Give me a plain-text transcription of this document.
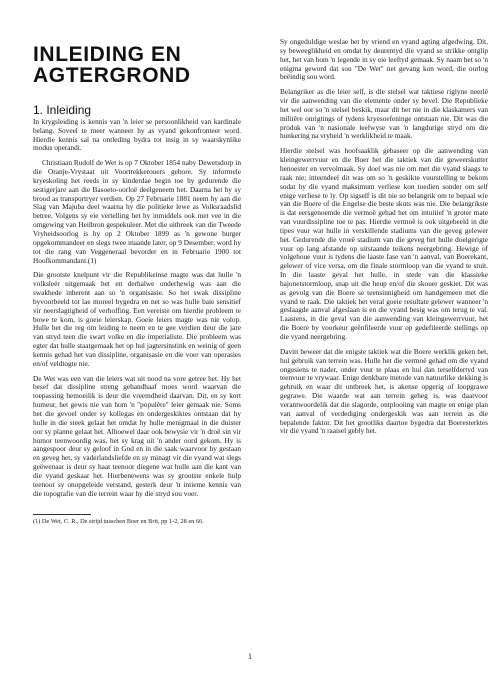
INLEIDING EN
AGTERGROND
1. Inleiding

In krygsleiding is kennis van 'n leier se persoonlikheid van kardinale belang. Soveel te meer wanneer hy as vyand gekonfronteer word. Hierdie kennis sal na ontleding bydra tot insig in sy waarskynlike modus operandi.

Christiaan Rudolf de Wet is op 7 Oktober 1854 naby Dewetsdorp in die Oranje-Vrystaat uit Voortrekkerouers gebore. Sy informele kryeskoling het reeds in sy kinderdae begin toe hy gedurende die sestigerjare aan die Basoeto-oorloë deelgeneem het. Daarna het hy sy brood as transportryer verdien. Op 27 Februarie 1881 neem hy aan die Slag van Majuba deel waarna hy die politieke lewe as Volksraadslid betree. Volgens sy eie vertelling het hy inmiddels ook met vee in die omgewing van Heilbron gespekuleer. Met die uitbreek van die Tweede Vryheidsoorlog is hy op 2 Oktober 1899 as 'n gewone burger opgekommandeer en slegs twee maande later, op 9 Desember, word hy tot die rang van Veggeneraal bevorder en in Februarie 1900 tot Hoofkommandant.(1)

Die grootste knelpunt vir die Republikeinse magte was dat hulle 'n volksleër uitgemaak het en derhalwe onderhewig was aan die swakhede inherent aan so 'n organisasie. So het swak dissipline byvoorbeeld tot lae moreel bygedra en net so was hulle baie sensitief vir neerslagtigheid of verhoffing. Een vereiste om hierdie probleem te bowe te kom, is goeie leierskap. Goeie leiers magte was nie volop. Hulle het die reg om leiding te neem en te gee verdien deur die jare van stryd teen die swart volke en die imperialiste. Die probleem was egter dat hulle staatgemaak het op hul jagtersinstink en weinig of geen kennis gehad het van dissipline, organisasie en die voer van operasies en/of veldtogte nie.

De Wet was een van die leiers wat uit nood na vore getree het. Hy het besef dat dissipline streng gehandhaaf moes word waarvan die toepassing hemoeilik is deur die vreemdheid daarvan. Dit, en sy kort humeur, het gewis nie van hom 'n "populêre" leier gemaak nie. Soms het die gevoel onder sy kollegas en ondergeskiktes ontstaan dat hy hulle in die steek gelaat het omdat hy hulle menigmaal in die duister oor sy planne gelaat het. Alhoewel daar ook bewysie vir 'n droë sin vir humor teenwoordig was, het sy krag uit 'n ander oord gekom. Hy is aangespoor deur sy geloof in God en in die saak waarvoor hy gestaan en geveg het, sy vaderlandsliefde en sy minagt vir die vyand wat slegs geëwenaar is deur sy haat teenoor diegene wat hulle aan die kant van die vyand geskaar het. Hierbenewens was sy grootste enkele hulp teenoor sy onopgeleide verstand, gesterk deur 'n intieme kennis van die topografie van die terrein waar hy die stryd sou voer.

(1) De Wet, C. R., De strijd tusschen Boer en Brit, pp 1-2, 28 en 66.

Sy ongeduldige weslae het by vriend en vyand agting afgedwing. Dit, sy beweeglikheid en omdat hy deurentyd die vyand se strikke ontglip het, het van hom 'n legende in sy eie leeftyd gemaak. Sy naam het so 'n enigma geword dat sou "De Wet" net gevang kon word, die oorlog beëindig sou word.

Belangriker as die leier self, is die stelsel wat taktiese riglyne neerlê vir die aanwending van die elemente onder sy bevel. Die Republieke het wel oor so 'n stelsel beskik, maar dit het nie in die klaskamers van militêre onrigtings of tydens kryesoefeninge ontstaan nie. Dit was die produk van 'n nasionale leefwyse van 'n langdurige stryd om die hunkering na vryheid 'n werklikheid te maak.

Hierdie stelsel was hoofsaaklik gebaseer op die aanwending van kleingewerrvuur en die Boer het die taktiek van die geweerskutter benoester en vervolmaak. Sy doel was nie om met die vyand slaags te raak nie; inteendeel dit was om so 'n geskikte vuurstelling te bekom sodat hy die vyand maksimum verliese kon toedien sonder om self enige verliese te ly. Op sigself is dit nie so belangrik om te bepaal wie van die Boere of die Engelse die beste skuts was nie. Die belangrikste is dat eersgenoemde die vermoë gehad het om intuitief 'n groter mate van vuurdissipline toe te pas. Hierdie vermoë is ook uitgebeeld in die tipes vuur wat hulle in verskillende stadiums van die geveg gelewer het. Gedurende die vroeë stadium van die geveg het hulle doelgerigte vuur op lang afstande op uitstaande teikens neergebring. Hewige of volgehoue vuur is tydens die laaste fase van 'n aanval, van Boerekant, gelewer of vice versa, om die finale stormloop van die vyand te stuit. In die laaste geval het hulle, in stede van die klassieke bajonetstormloop, snap uit die heup en/of die skouer geskiet. Dit was as gevolg van die Boere se teensinnigheid om handgemeen met die vyand te raak. Die taktiek het veral goeie resultate gelewer wanneer 'n geslaagde aanval afgeslaan is en die vyand besig was om terug te val. Laastens, in die geval van die aanwending van kleingewerrvuur, het die Boere by voorkeur geënfileerde vuur op gedefileerde stellings op die vyand neergebring.

Davitt beweer dat die enigste taktiek wat die Boere werklik geken het, hul gebruik van terrein was. Hulle het die vermoë gehad om die vyand ongesiens te nader, onder vuur te plaas en hul dan terselfdertyd van teenvuur te vrywaar. Enige denkbare metode van natuurlike dekking is gebruik en waar dit ontbreek het, is akense opgerig of loopgrawe gegrawe. Die waarde wat aan terrein geheg is, was daarvoor verantwoordelik dat die slagorde, ontplooiing van magte en enige plan van aanval of verdediging ondergeskik was aan terrein as die bepalende faktor. Dit het grootliks daartoe bygedra dat Boeresterktes vir die vyand 'n raaisel gebly het.

1
